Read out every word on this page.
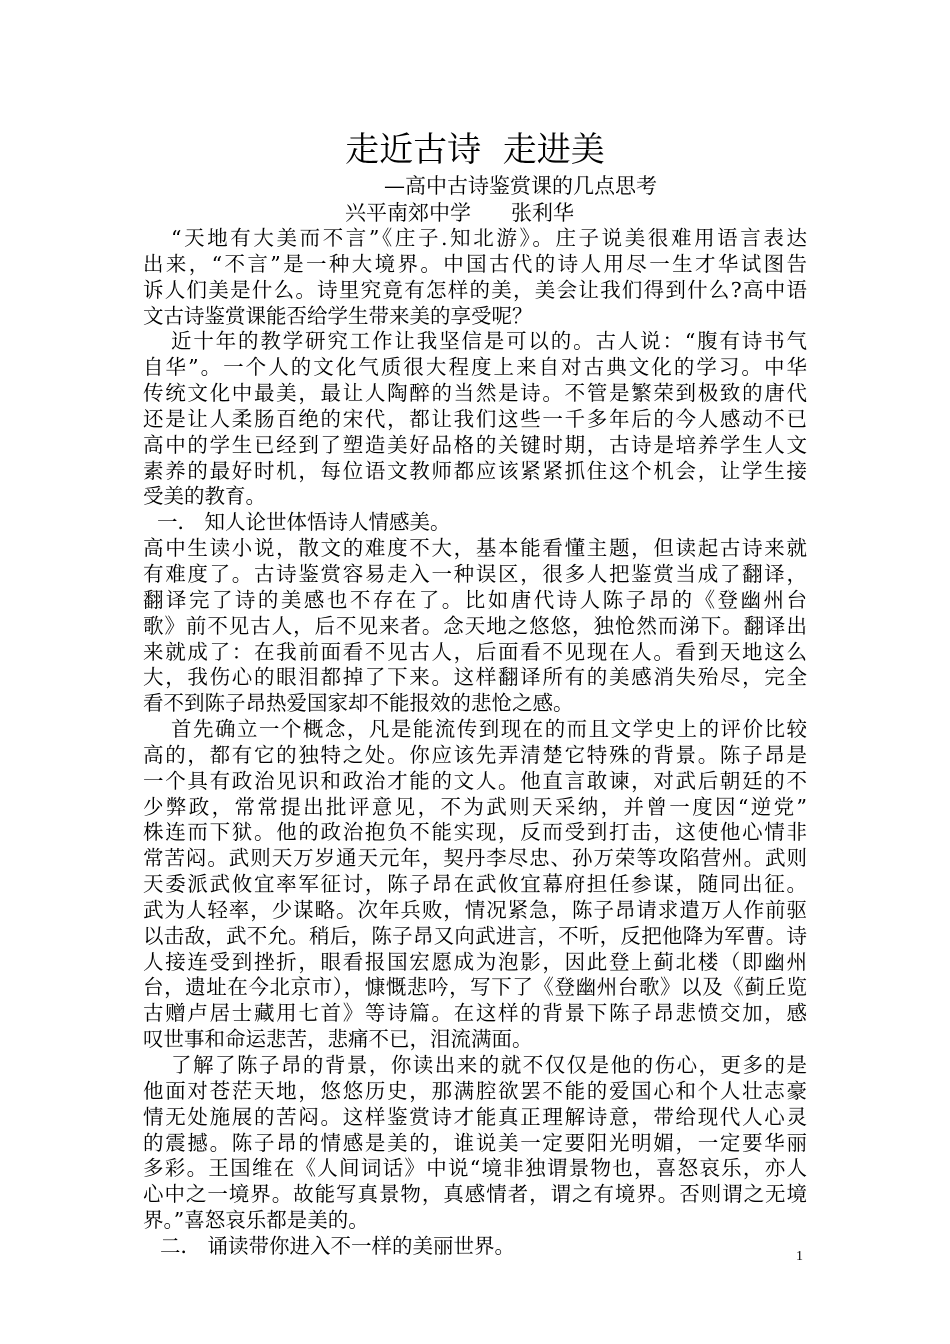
走近古诗  走进美
—高中古诗鉴赏课的几点思考
兴平南郊中学      张利华
“天地有大美而不言”《庄子.知北游》。庄子说美很难用语言表达
出来，“不言”是一种大境界。中国古代的诗人用尽一生才华试图告
诉人们美是什么。诗里究竟有怎样的美，美会让我们得到什么?高中语
文古诗鉴赏课能否给学生带来美的享受呢？
近十年的教学研究工作让我坚信是可以的。古人说：“腹有诗书气
自华”。一个人的文化气质很大程度上来自对古典文化的学习。中华
传统文化中最美，最让人陶醉的当然是诗。不管是繁荣到极致的唐代
还是让人柔肠百绝的宋代，都让我们这些一千多年后的今人感动不已
高中的学生已经到了塑造美好品格的关键时期，古诗是培养学生人文
素养的最好时机，每位语文教师都应该紧紧抓住这个机会，让学生接
受美的教育。
一． 知人论世体悟诗人情感美。
高中生读小说，散文的难度不大，基本能看懂主题，但读起古诗来就
有难度了。古诗鉴赏容易走入一种误区，很多人把鉴赏当成了翻译，
翻译完了诗的美感也不存在了。比如唐代诗人陈子昂的《登幽州台
歌》前不见古人，后不见来者。念天地之悠悠，独怆然而涕下。翻译出
来就成了：在我前面看不见古人，后面看不见现在人。看到天地这么
大，我伤心的眼泪都掉了下来。这样翻译所有的美感消失殆尽，完全
看不到陈子昂热爱国家却不能报效的悲怆之感。
首先确立一个概念，凡是能流传到现在的而且文学史上的评价比较
高的，都有它的独特之处。你应该先弄清楚它特殊的背景。陈子昂是
一个具有政治见识和政治才能的文人。他直言敢谏，对武后朝廷的不
少弊政，常常提出批评意见，不为武则天采纳，并曾一度因“逆党”
株连而下狱。他的政治抱负不能实现，反而受到打击，这使他心情非
常苦闷。武则天万岁通天元年，契丹李尽忠、孙万荣等攻陷营州。武则
天委派武攸宜率军征讨，陈子昂在武攸宜幕府担任参谋，随同出征。
武为人轻率，少谋略。次年兵败，情况紧急，陈子昂请求遣万人作前驱
以击敌，武不允。稍后，陈子昂又向武进言，不听，反把他降为军曹。诗
人接连受到挫折，眼看报国宏愿成为泡影，因此登上蓟北楼（即幽州
台，遗址在今北京市），慷慨悲吟，写下了《登幽州台歌》以及《蓟丘览
古赠卢居士藏用七首》等诗篇。在这样的背景下陈子昂悲愤交加，感
叹世事和命运悲苦，悲痛不已，泪流满面。
了解了陈子昂的背景，你读出来的就不仅仅是他的伤心，更多的是
他面对苍茫天地，悠悠历史，那满腔欲罢不能的爱国心和个人壮志豪
情无处施展的苦闷。这样鉴赏诗才能真正理解诗意，带给现代人心灵
的震撼。陈子昂的情感是美的，谁说美一定要阳光明媚，一定要华丽
多彩。王国维在《人间词话》中说“境非独谓景物也，喜怒哀乐，亦人
心中之一境界。故能写真景物，真感情者，谓之有境界。否则谓之无境
界。”喜怒哀乐都是美的。
二． 诵读带你进入不一样的美丽世界。	1
